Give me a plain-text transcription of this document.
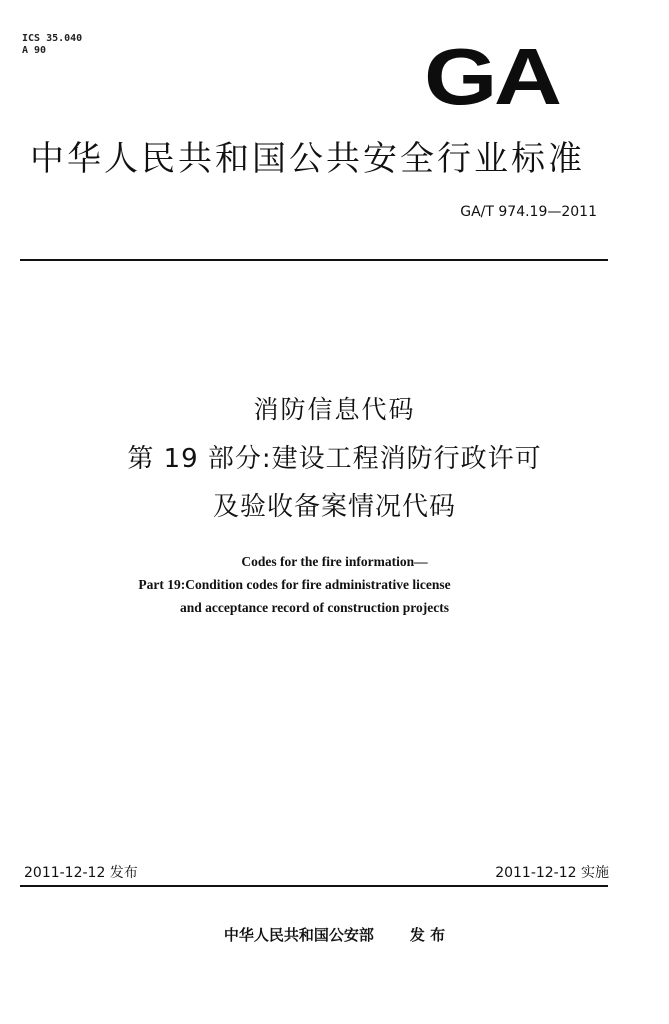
ICS 35.040
A 90	GA
中华人民共和国公共安全行业标准
GA/T 974.19—2011
消防信息代码
第 19 部分:建设工程消防行政许可
及验收备案情况代码
Codes for the fire information—
Part 19:Condition codes for fire administrative license
and acceptance record of construction projects
2011-12-12 发布	2011-12-12 实施
中华人民共和国公安部 发 布
